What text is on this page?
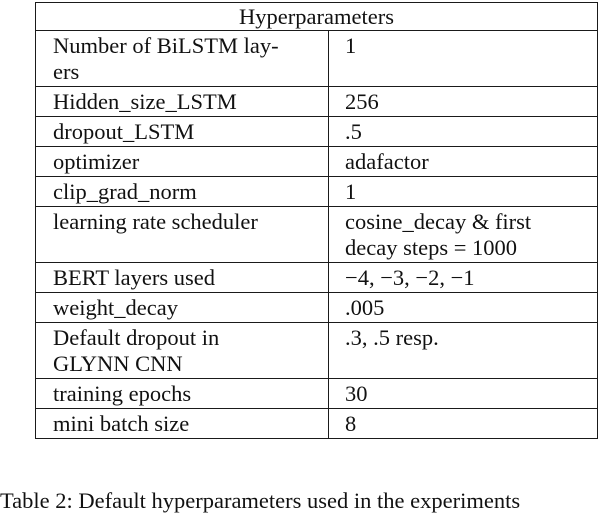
Hyperparameters	
Number of BiLSTM lay-
ers	1
Hidden_size_LSTM	256
dropout_LSTM	.5
optimizer	adafactor
clip_grad_norm	1
learning rate scheduler	cosine_decay & first
decay steps = 1000
BERT layers used	−4, −3, −2, −1
weight_decay	.005
Default dropout in
GLYNN CNN	.3, .5 resp.
training epochs	30
mini batch size	8
Table 2: Default hyperparameters used in the experiments
